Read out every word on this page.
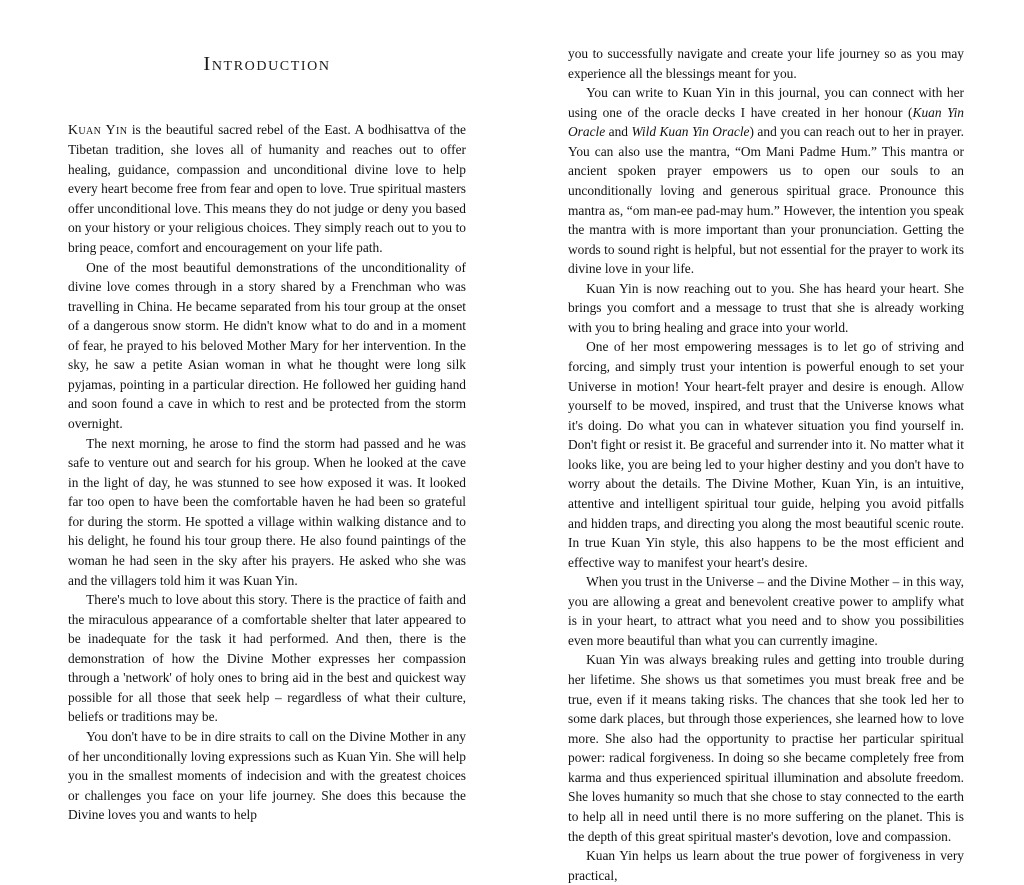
Introduction

Kuan Yin is the beautiful sacred rebel of the East. A bodhisattva of the Tibetan tradition, she loves all of humanity and reaches out to offer healing, guidance, compassion and unconditional divine love to help every heart become free from fear and open to love. True spiritual masters offer unconditional love. This means they do not judge or deny you based on your history or your religious choices. They simply reach out to you to bring peace, comfort and encouragement on your life path.

One of the most beautiful demonstrations of the unconditionality of divine love comes through in a story shared by a Frenchman who was travelling in China. He became separated from his tour group at the onset of a dangerous snow storm. He didn't know what to do and in a moment of fear, he prayed to his beloved Mother Mary for her intervention. In the sky, he saw a petite Asian woman in what he thought were long silk pyjamas, pointing in a particular direction. He followed her guiding hand and soon found a cave in which to rest and be protected from the storm overnight.

The next morning, he arose to find the storm had passed and he was safe to venture out and search for his group. When he looked at the cave in the light of day, he was stunned to see how exposed it was. It looked far too open to have been the comfortable haven he had been so grateful for during the storm. He spotted a village within walking distance and to his delight, he found his tour group there. He also found paintings of the woman he had seen in the sky after his prayers. He asked who she was and the villagers told him it was Kuan Yin.

There's much to love about this story. There is the practice of faith and the miraculous appearance of a comfortable shelter that later appeared to be inadequate for the task it had performed. And then, there is the demonstration of how the Divine Mother expresses her compassion through a 'network' of holy ones to bring aid in the best and quickest way possible for all those that seek help – regardless of what their culture, beliefs or traditions may be.

You don't have to be in dire straits to call on the Divine Mother in any of her unconditionally loving expressions such as Kuan Yin. She will help you in the smallest moments of indecision and with the greatest choices or challenges you face on your life journey. She does this because the Divine loves you and wants to help

you to successfully navigate and create your life journey so as you may experience all the blessings meant for you.

You can write to Kuan Yin in this journal, you can connect with her using one of the oracle decks I have created in her honour (Kuan Yin Oracle and Wild Kuan Yin Oracle) and you can reach out to her in prayer. You can also use the mantra, “Om Mani Padme Hum.” This mantra or ancient spoken prayer empowers us to open our souls to an unconditionally loving and generous spiritual grace. Pronounce this mantra as, “om man-ee pad-may hum.” However, the intention you speak the mantra with is more important than your pronunciation. Getting the words to sound right is helpful, but not essential for the prayer to work its divine love in your life.

Kuan Yin is now reaching out to you. She has heard your heart. She brings you comfort and a message to trust that she is already working with you to bring healing and grace into your world.

One of her most empowering messages is to let go of striving and forcing, and simply trust your intention is powerful enough to set your Universe in motion! Your heart-felt prayer and desire is enough. Allow yourself to be moved, inspired, and trust that the Universe knows what it's doing. Do what you can in whatever situation you find yourself in. Don't fight or resist it. Be graceful and surrender into it. No matter what it looks like, you are being led to your higher destiny and you don't have to worry about the details. The Divine Mother, Kuan Yin, is an intuitive, attentive and intelligent spiritual tour guide, helping you avoid pitfalls and hidden traps, and directing you along the most beautiful scenic route. In true Kuan Yin style, this also happens to be the most efficient and effective way to manifest your heart's desire.

When you trust in the Universe – and the Divine Mother – in this way, you are allowing a great and benevolent creative power to amplify what is in your heart, to attract what you need and to show you possibilities even more beautiful than what you can currently imagine.

Kuan Yin was always breaking rules and getting into trouble during her lifetime. She shows us that sometimes you must break free and be true, even if it means taking risks. The chances that she took led her to some dark places, but through those experiences, she learned how to love more. She also had the opportunity to practise her particular spiritual power: radical forgiveness. In doing so she became completely free from karma and thus experienced spiritual illumination and absolute freedom. She loves humanity so much that she chose to stay connected to the earth to help all in need until there is no more suffering on the planet. This is the depth of this great spiritual master's devotion, love and compassion.

Kuan Yin helps us learn about the true power of forgiveness in very practical,
